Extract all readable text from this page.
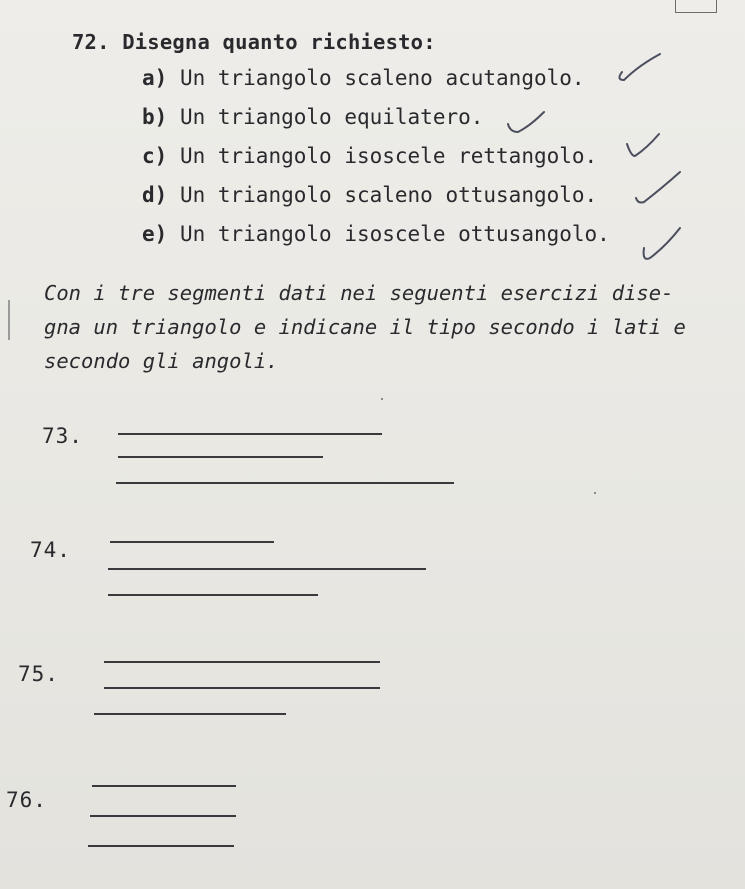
72. Disegna quanto richiesto:
a) Un triangolo scaleno acutangolo.
b) Un triangolo equilatero.
c) Un triangolo isoscele rettangolo.
d) Un triangolo scaleno ottusangolo.
e) Un triangolo isoscele ottusangolo.
Con i tre segmenti dati nei seguenti esercizi dise-
gna un triangolo e indicane il tipo secondo i lati e
secondo gli angoli.
73.
74.
75.
76.
